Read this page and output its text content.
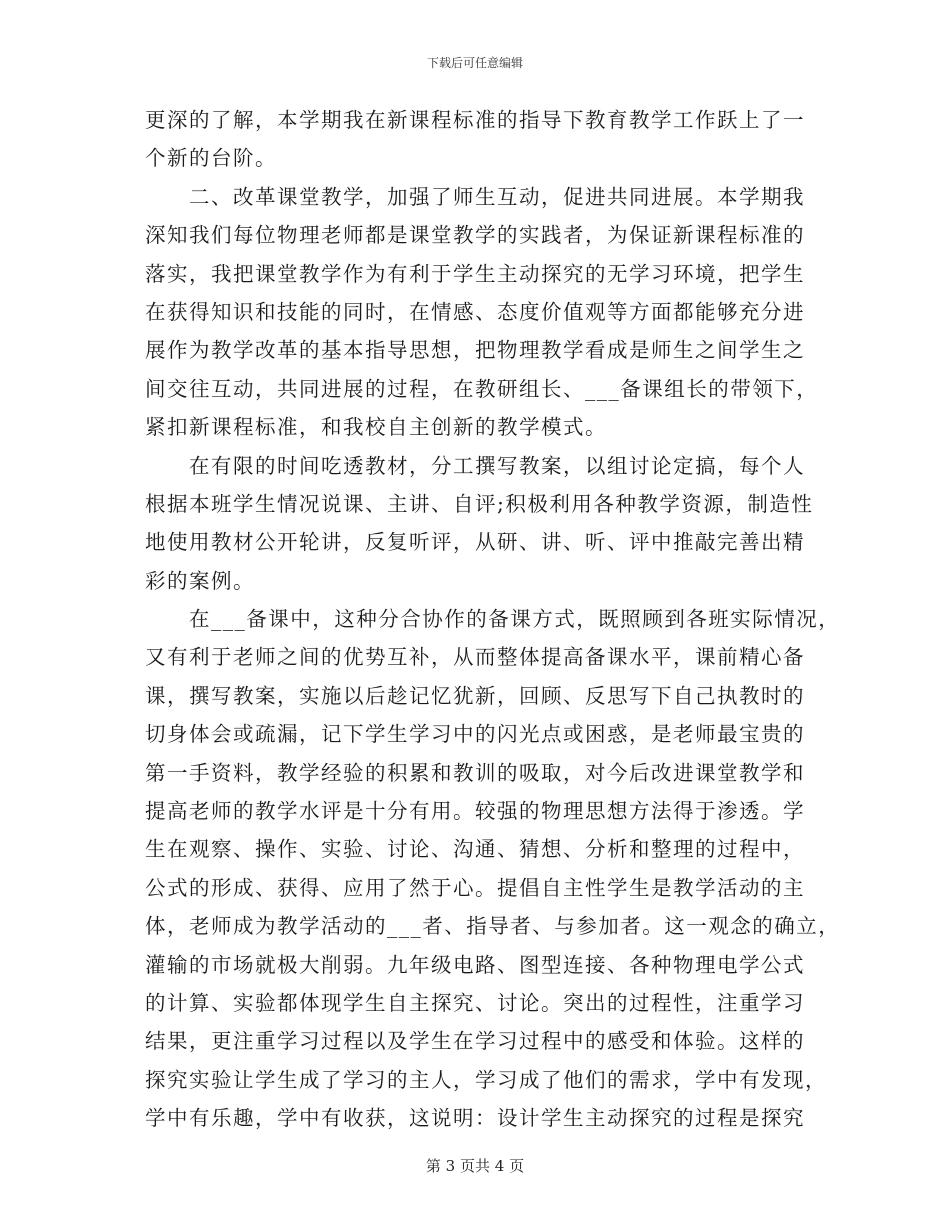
下载后可任意编辑
更深的了解，本学期我在新课程标准的指导下教育教学工作跃上了一
个新的台阶。
　　二、改革课堂教学，加强了师生互动，促进共同进展。本学期我
深知我们每位物理老师都是课堂教学的实践者，为保证新课程标准的
落实，我把课堂教学作为有利于学生主动探究的无学习环境，把学生
在获得知识和技能的同时，在情感、态度价值观等方面都能够充分进
展作为教学改革的基本指导思想，把物理教学看成是师生之间学生之
间交往互动，共同进展的过程，在教研组长、___备课组长的带领下，
紧扣新课程标准，和我校自主创新的教学模式。
　　在有限的时间吃透教材，分工撰写教案，以组讨论定搞，每个人
根据本班学生情况说课、主讲、自评;积极利用各种教学资源，制造性
地使用教材公开轮讲，反复听评，从研、讲、听、评中推敲完善出精
彩的案例。
　　在___备课中，这种分合协作的备课方式，既照顾到各班实际情况，
又有利于老师之间的优势互补，从而整体提高备课水平，课前精心备
课，撰写教案，实施以后趁记忆犹新，回顾、反思写下自己执教时的
切身体会或疏漏，记下学生学习中的闪光点或困惑，是老师最宝贵的
第一手资料，教学经验的积累和教训的吸取，对今后改进课堂教学和
提高老师的教学水评是十分有用。较强的物理思想方法得于渗透。学
生在观察、操作、实验、讨论、沟通、猜想、分析和整理的过程中，
公式的形成、获得、应用了然于心。提倡自主性学生是教学活动的主
体，老师成为教学活动的___者、指导者、与参加者。这一观念的确立，
灌输的市场就极大削弱。九年级电路、图型连接、各种物理电学公式
的计算、实验都体现学生自主探究、讨论。突出的过程性，注重学习
结果，更注重学习过程以及学生在学习过程中的感受和体验。这样的
探究实验让学生成了学习的主人，学习成了他们的需求，学中有发现，
学中有乐趣，学中有收获，这说明：设计学生主动探究的过程是探究
第 3 页共 4 页
